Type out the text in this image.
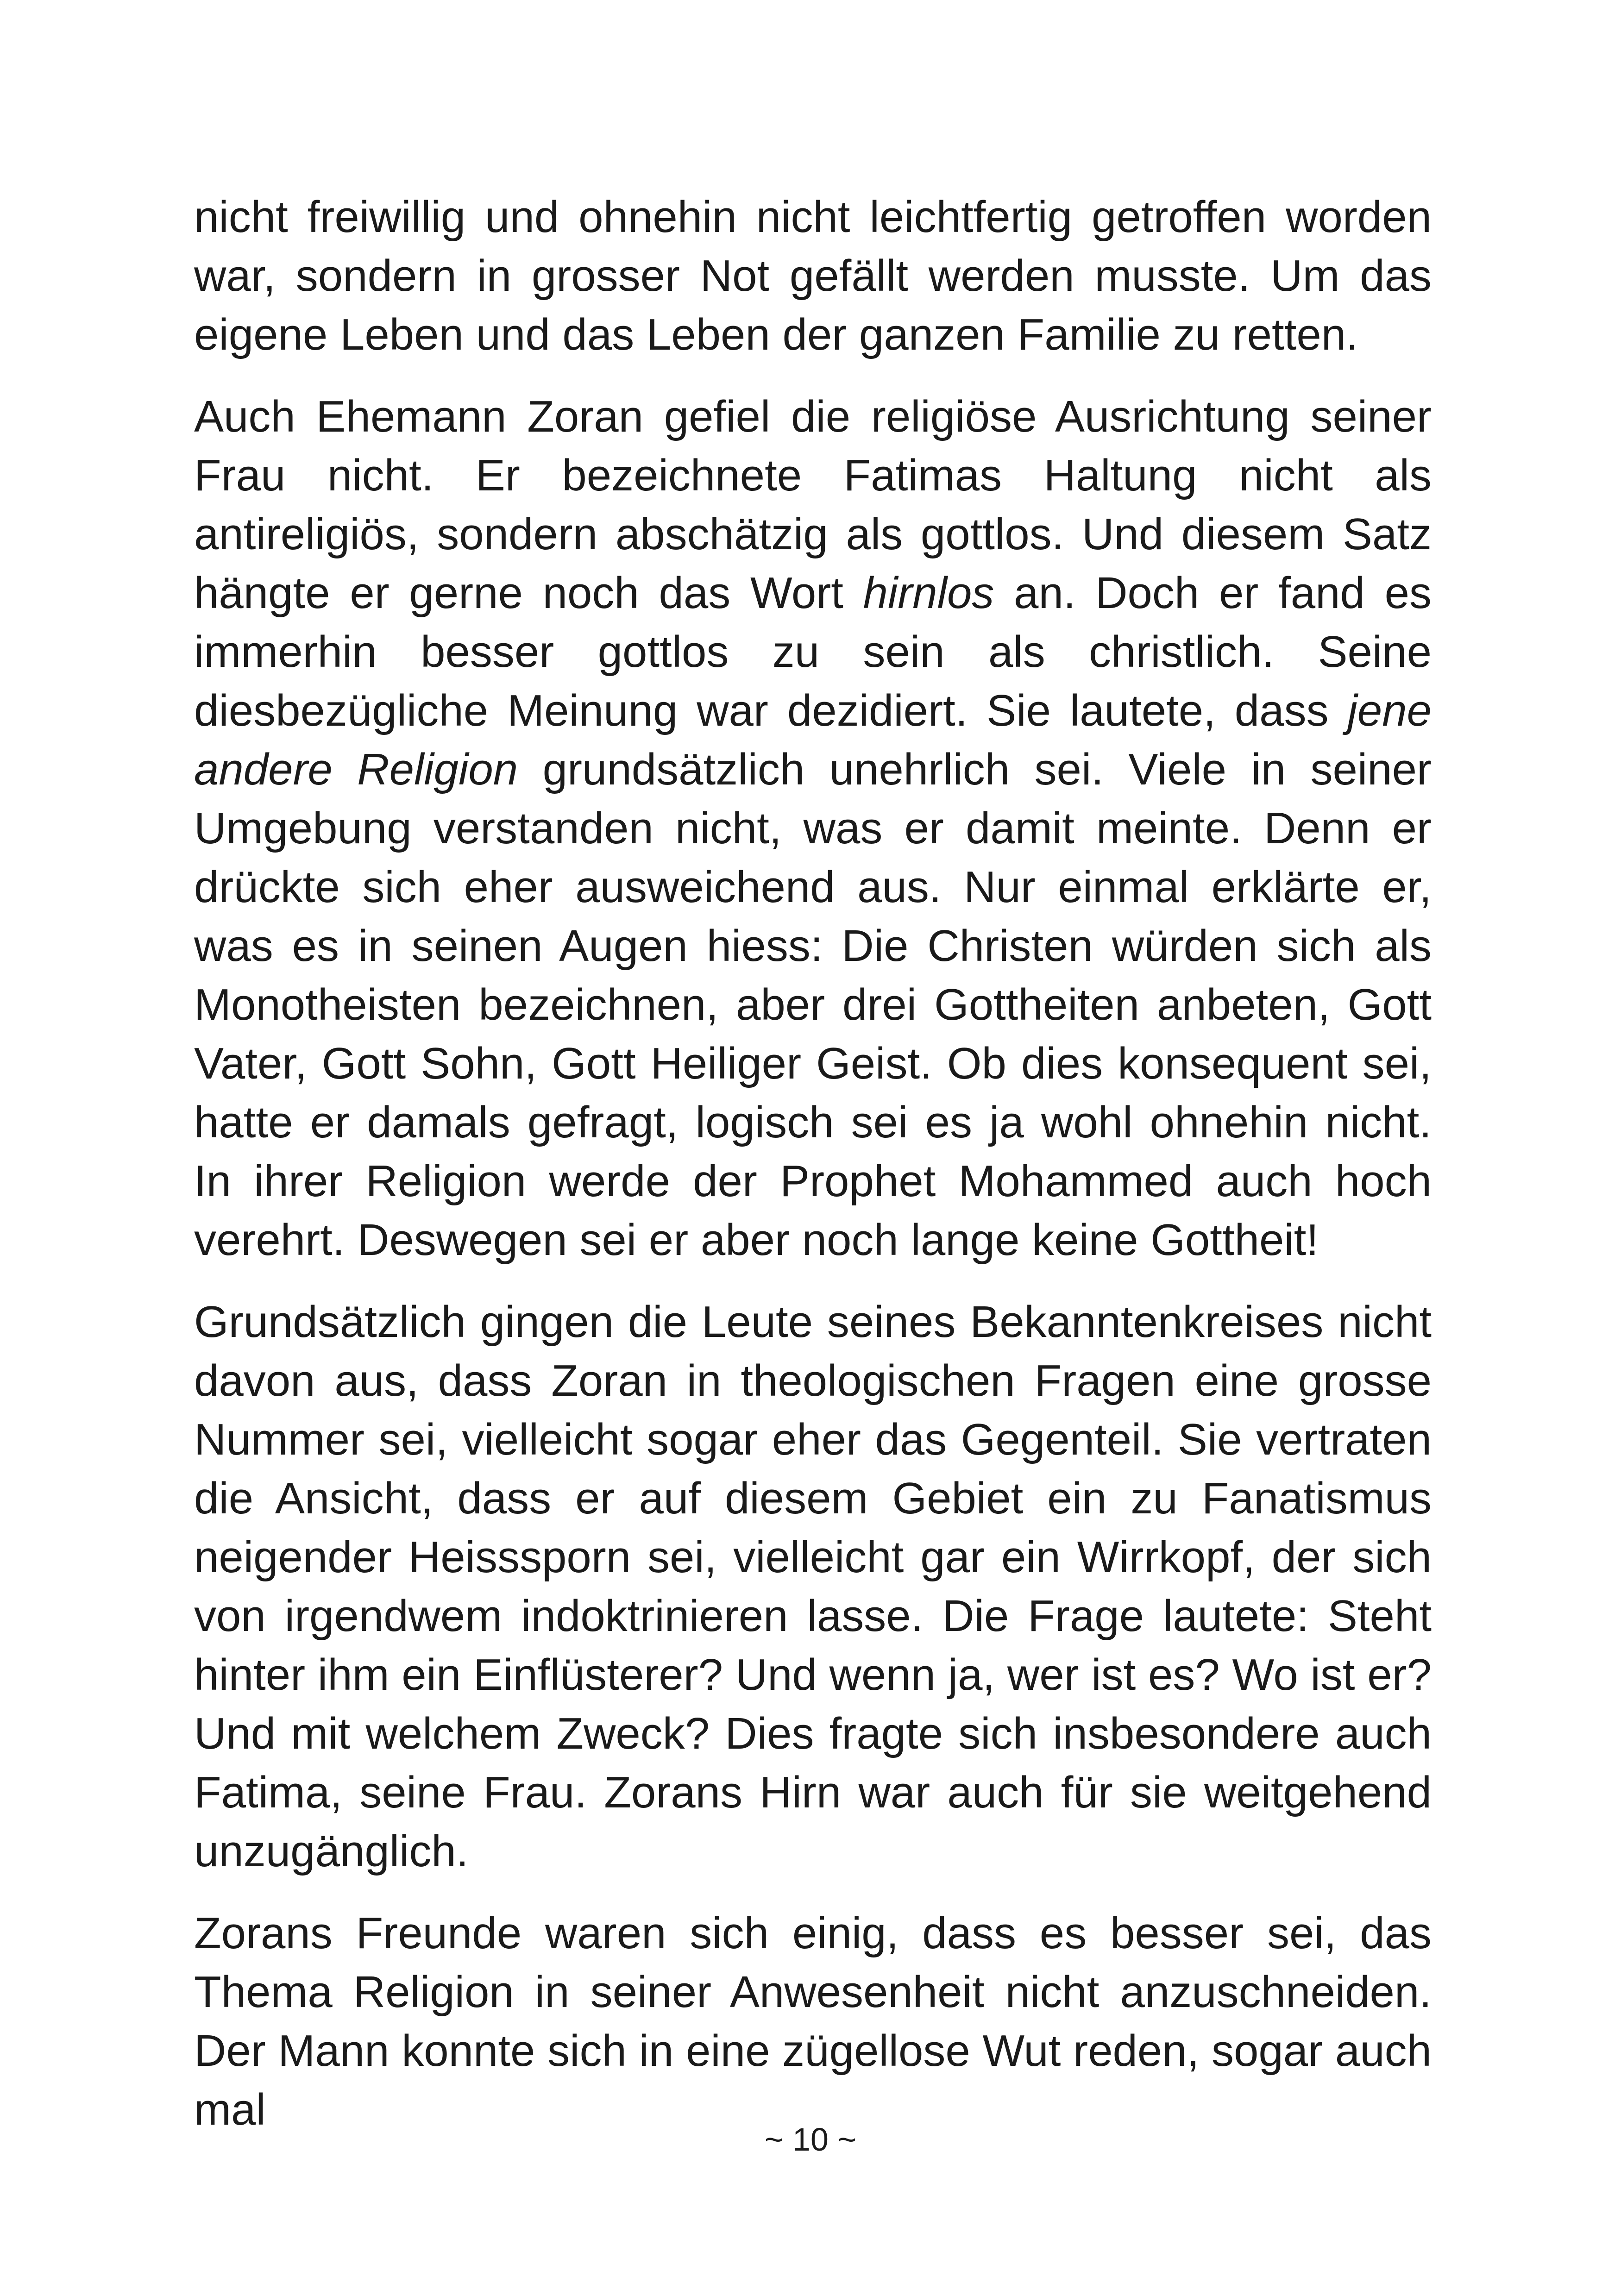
nicht freiwillig und ohnehin nicht leichtfertig getroffen worden war, sondern in grosser Not gefällt werden musste. Um das eigene Leben und das Leben der ganzen Familie zu retten.

Auch Ehemann Zoran gefiel die religiöse Ausrichtung seiner Frau nicht. Er bezeichnete Fatimas Haltung nicht als antireligiös, sondern abschätzig als gottlos. Und diesem Satz hängte er gerne noch das Wort hirnlos an. Doch er fand es immerhin besser gottlos zu sein als christlich. Seine diesbezügliche Meinung war dezidiert. Sie lautete, dass jene andere Religion grundsätzlich unehrlich sei. Viele in seiner Umgebung verstanden nicht, was er damit meinte. Denn er drückte sich eher ausweichend aus. Nur einmal erklärte er, was es in seinen Augen hiess: Die Christen würden sich als Monotheisten bezeichnen, aber drei Gottheiten anbeten, Gott Vater, Gott Sohn, Gott Heiliger Geist. Ob dies konsequent sei, hatte er damals gefragt, logisch sei es ja wohl ohnehin nicht. In ihrer Religion werde der Prophet Mohammed auch hoch verehrt. Deswegen sei er aber noch lange keine Gottheit!

Grundsätzlich gingen die Leute seines Bekanntenkreises nicht davon aus, dass Zoran in theologischen Fragen eine grosse Nummer sei, vielleicht sogar eher das Gegenteil. Sie vertraten die Ansicht, dass er auf diesem Gebiet ein zu Fanatismus neigender Heisssporn sei, vielleicht gar ein Wirrkopf, der sich von irgendwem indoktrinieren lasse. Die Frage lautete: Steht hinter ihm ein Einflüsterer? Und wenn ja, wer ist es? Wo ist er? Und mit welchem Zweck? Dies fragte sich insbesondere auch Fatima, seine Frau. Zorans Hirn war auch für sie weitgehend unzugänglich.

Zorans Freunde waren sich einig, dass es besser sei, das Thema Religion in seiner Anwesenheit nicht anzuschneiden. Der Mann konnte sich in eine zügellose Wut reden, sogar auch mal

~ 10 ~
